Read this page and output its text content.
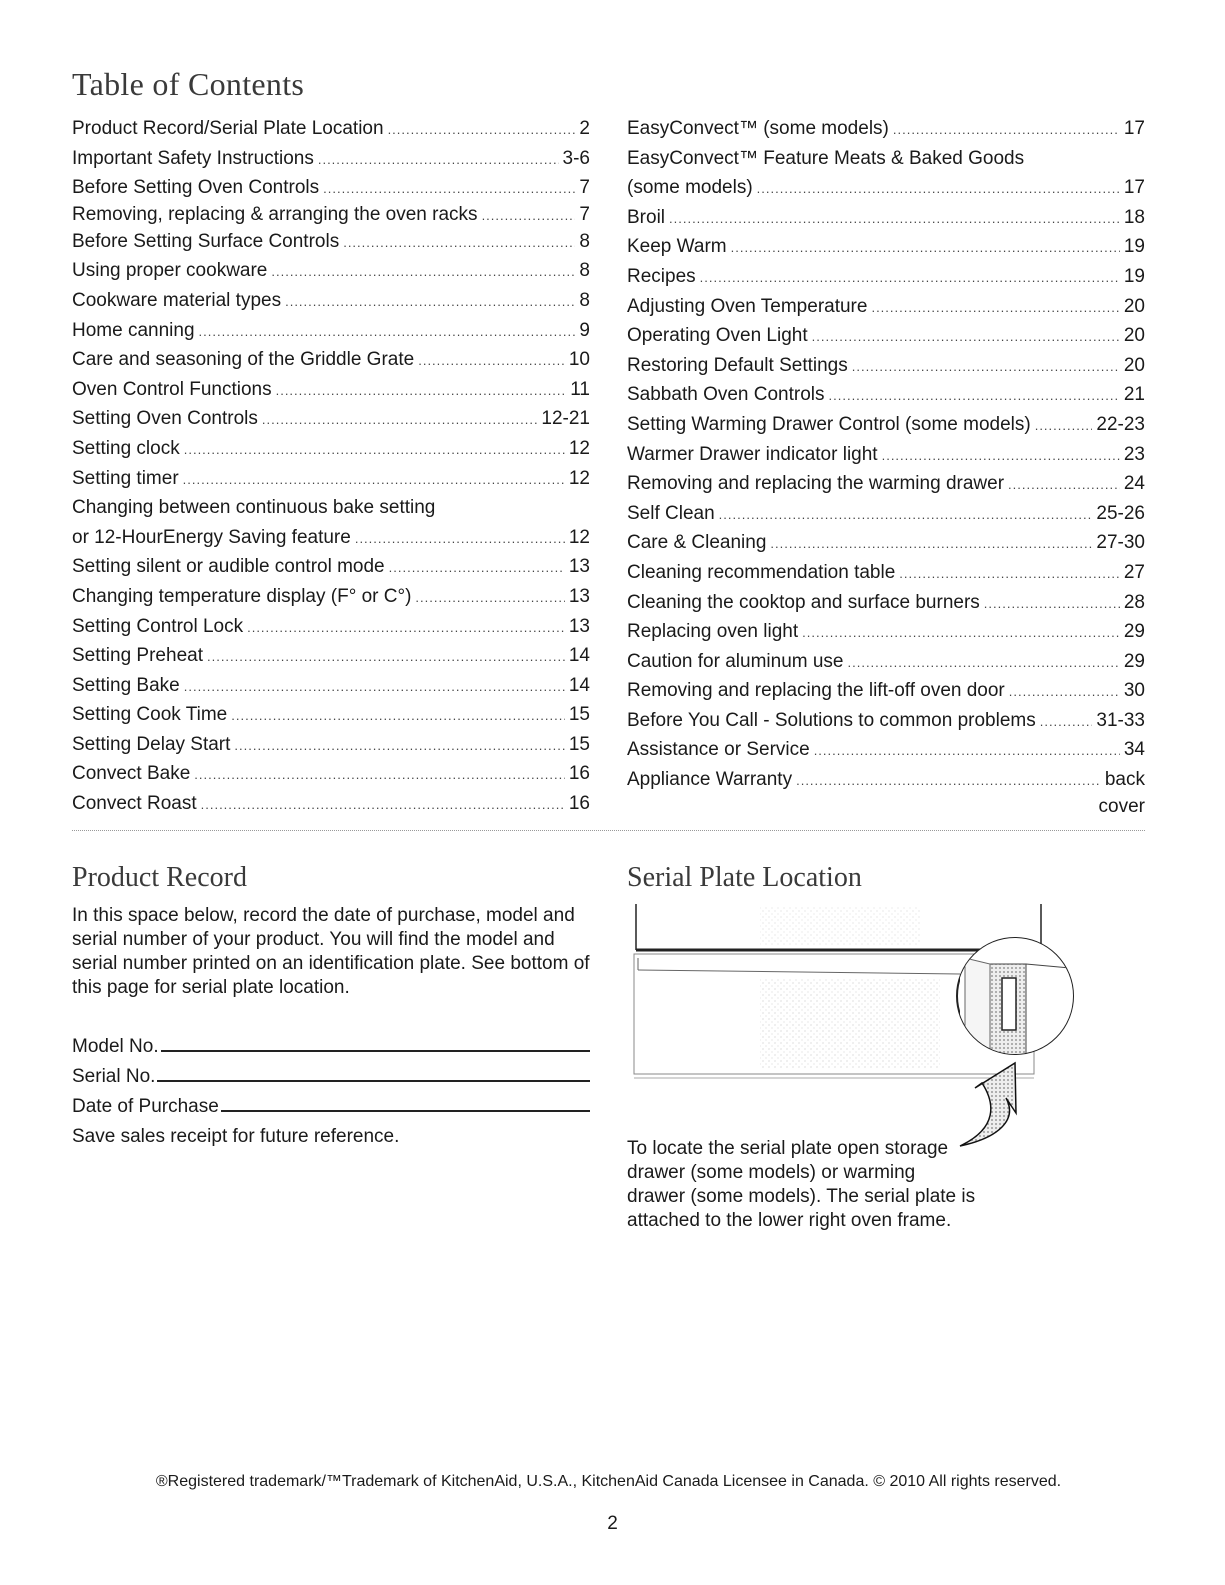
Table of Contents
Product Record/Serial Plate Location .....	2
Important Safety Instructions .....	3-6
Before Setting Oven Controls .....	7
Removing, replacing & arranging the oven racks .....	7
Before Setting Surface Controls .....	8
Using proper cookware .....	8
Cookware material types .....	8
Home canning .....	9
Care and seasoning of the Griddle Grate .....	10
Oven Control Functions .....	11
Setting Oven Controls .....	12-21
Setting clock .....	12
Setting timer .....	12
Changing between continuous bake setting
or 12-HourEnergy Saving feature .....	12
Setting silent or audible control mode .....	13
Changing temperature display (F° or C°) .....	13
Setting Control Lock .....	13
Setting Preheat .....	14
Setting Bake .....	14
Setting Cook Time .....	15
Setting Delay Start .....	15
Convect Bake .....	16
Convect Roast .....	16
EasyConvect™ (some models) .....	17
EasyConvect™ Feature Meats & Baked Goods
(some models) .....	17
Broil .....	18
Keep Warm .....	19
Recipes .....	19
Adjusting Oven Temperature .....	20
Operating Oven Light .....	20
Restoring Default Settings .....	20
Sabbath Oven Controls .....	21
Setting Warming Drawer Control (some models) .....	22-23
Warmer Drawer indicator light .....	23
Removing and replacing the warming drawer .....	24
Self Clean .....	25-26
Care & Cleaning .....	27-30
Cleaning recommendation table .....	27
Cleaning the cooktop and surface burners .....	28
Replacing oven light .....	29
Caution for aluminum use .....	29
Removing and replacing the lift-off oven door .....	30
Before You Call - Solutions to common problems .....	31-33
Assistance or Service .....	34
Appliance Warranty .....	back
cover
Product Record
In this space below, record the date of purchase, model and serial number of your product. You will find the model and serial number printed on an identification plate. See bottom of this page for serial plate location.
Model No.
Serial No.
Date of Purchase
Save sales receipt for future reference.
Serial Plate Location
To locate the serial plate open storage drawer (some models) or warming drawer (some models). The serial plate is attached to the lower right oven frame.
®Registered trademark/™Trademark of KitchenAid, U.S.A., KitchenAid Canada Licensee in Canada. © 2010 All rights reserved.
2
